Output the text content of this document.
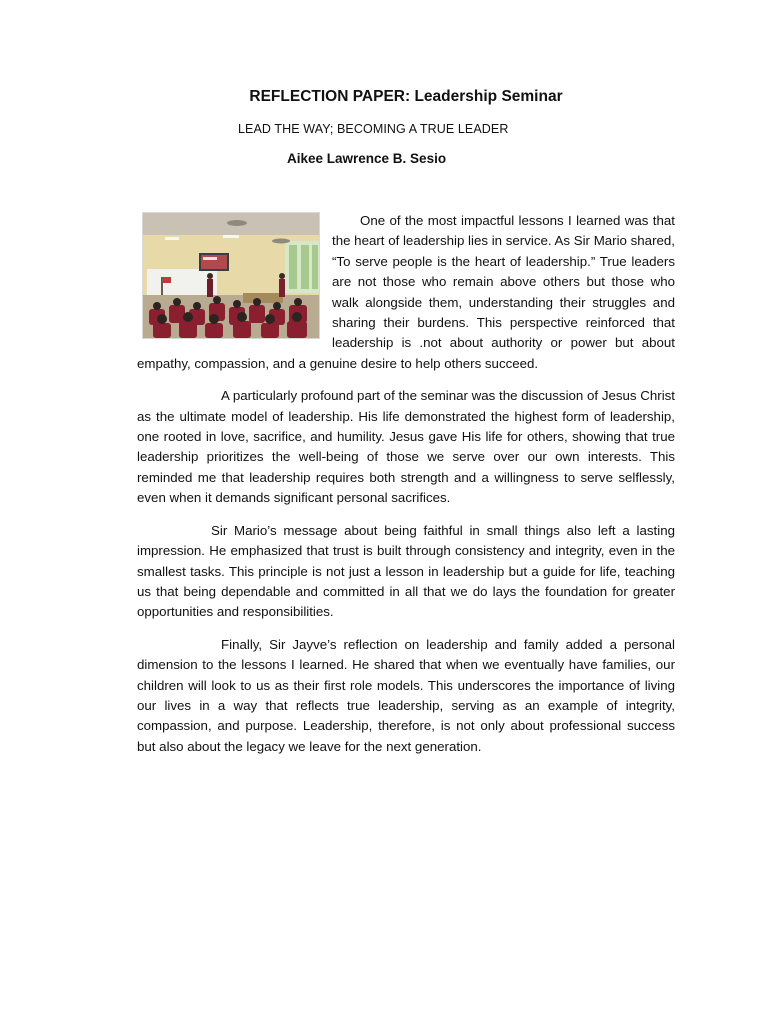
REFLECTION PAPER: Leadership Seminar

LEAD THE WAY; BECOMING A TRUE LEADER

Aikee Lawrence B. Sesio

One of the most impactful lessons I learned was that the heart of leadership lies in service. As Sir Mario shared, “To serve people is the heart of leadership.” True leaders are not those who remain above others but those who walk alongside them, understanding their struggles and sharing their burdens. This perspective reinforced that leadership is .not about authority or power but about empathy, compassion, and a genuine desire to help others succeed.

A particularly profound part of the seminar was the discussion of Jesus Christ as the ultimate model of leadership. His life demonstrated the highest form of leadership, one rooted in love, sacrifice, and humility. Jesus gave His life for others, showing that true leadership prioritizes the well-being of those we serve over our own interests. This reminded me that leadership requires both strength and a willingness to serve selflessly, even when it demands significant personal sacrifices.

Sir Mario’s message about being faithful in small things also left a lasting impression. He emphasized that trust is built through consistency and integrity, even in the smallest tasks. This principle is not just a lesson in leadership but a guide for life, teaching us that being dependable and committed in all that we do lays the foundation for greater opportunities and responsibilities.

Finally, Sir Jayve’s reflection on leadership and family added a personal dimension to the lessons I learned. He shared that when we eventually have families, our children will look to us as their first role models. This underscores the importance of living our lives in a way that reflects true leadership, serving as an example of integrity, compassion, and purpose. Leadership, therefore, is not only about professional success but also about the legacy we leave for the next generation.
